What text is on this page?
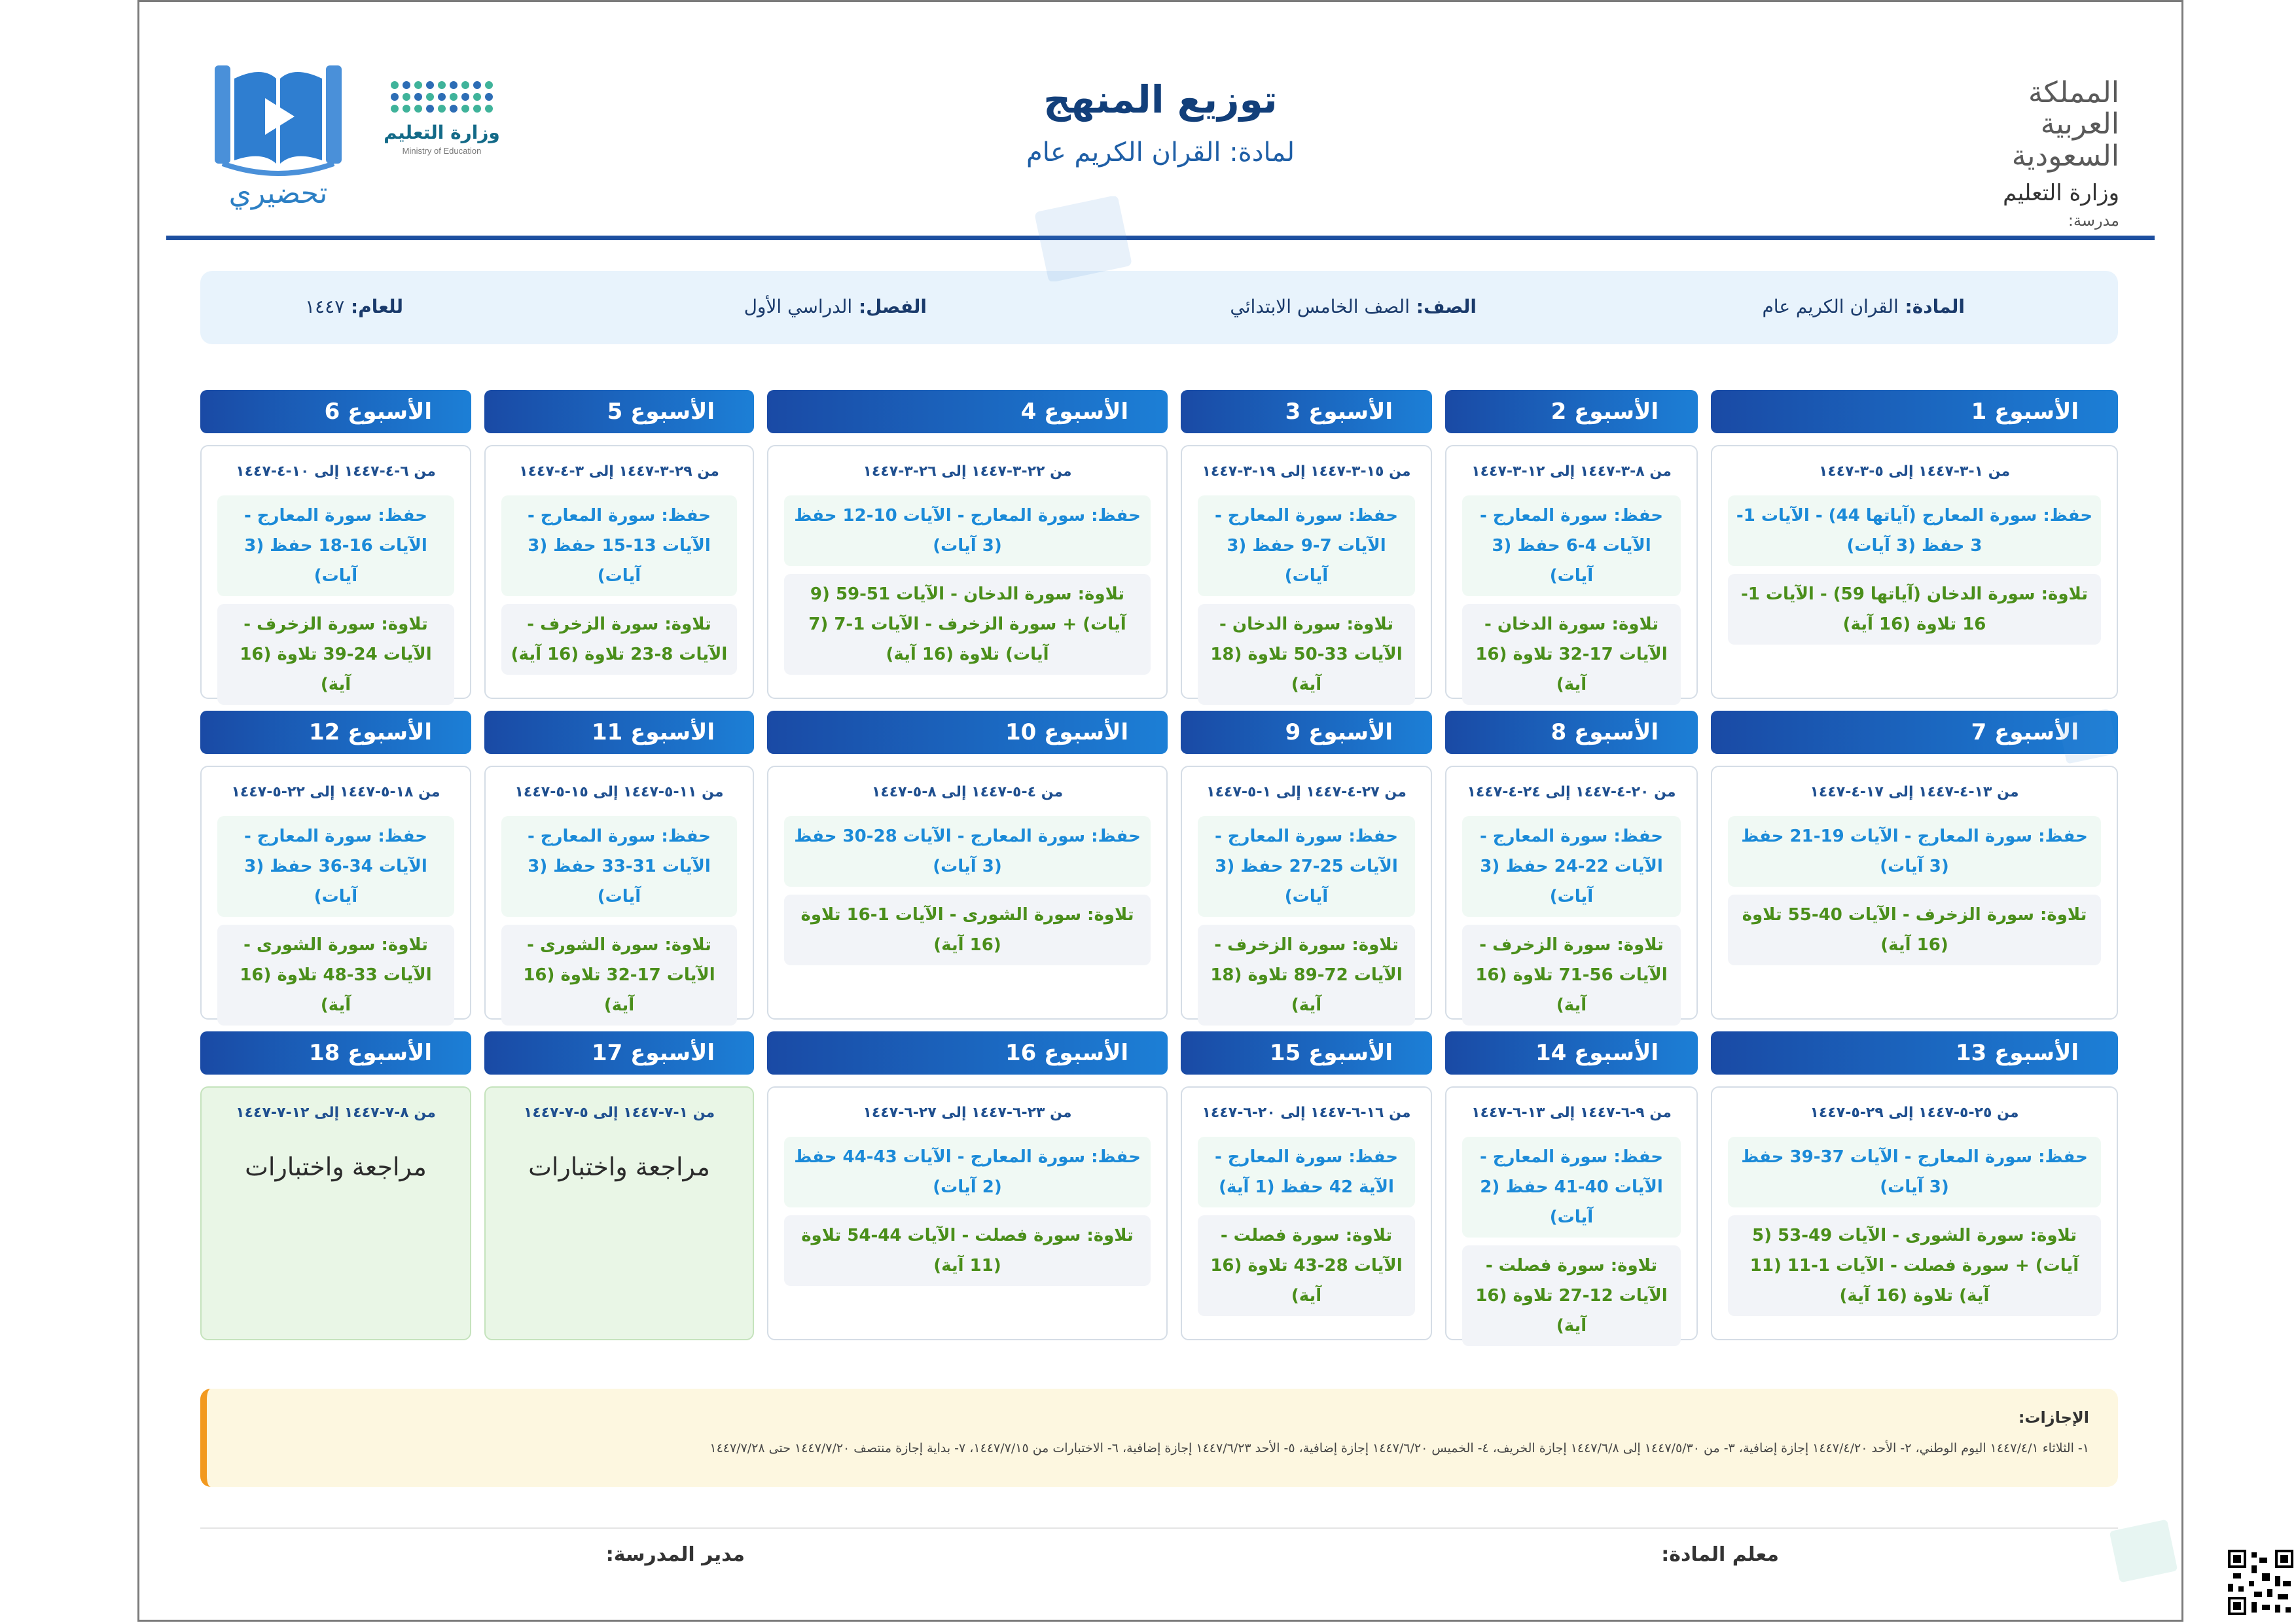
المملكة العربية السعودية
وزارة التعليم
مدرسة:
توزيع المنهج
لمادة: القران الكريم عام
تحضيري
وزارة التعليم
Ministry of Education
المادة: القران الكريم عام
الصف: الصف الخامس الابتدائي
الفصل: الدراسي الأول
للعام: ١٤٤٧
الأسبوع 1
من ١-٣-١٤٤٧ إلى ٥-٣-١٤٤٧
حفظ: سورة المعارج (آياتها 44) - الآيات 1-3 حفظ (3 آيات)
تلاوة: سورة الدخان (آياتها 59) - الآيات 1-16 تلاوة (16 آية)
الأسبوع 2
من ٨-٣-١٤٤٧ إلى ١٢-٣-١٤٤٧
حفظ: سورة المعارج - الآيات 4-6 حفظ (3 آيات)
تلاوة: سورة الدخان - الآيات 17-32 تلاوة (16 آية)
الأسبوع 3
من ١٥-٣-١٤٤٧ إلى ١٩-٣-١٤٤٧
حفظ: سورة المعارج - الآيات 7-9 حفظ (3 آيات)
تلاوة: سورة الدخان - الآيات 33-50 تلاوة (18 آية)
الأسبوع 4
من ٢٢-٣-١٤٤٧ إلى ٢٦-٣-١٤٤٧
حفظ: سورة المعارج - الآيات 10-12 حفظ (3 آيات)
تلاوة: سورة الدخان - الآيات 51-59 (9 آيات) + سورة الزخرف - الآيات 1-7 (7 آيات) تلاوة (16 آية)
الأسبوع 5
من ٢٩-٣-١٤٤٧ إلى ٣-٤-١٤٤٧
حفظ: سورة المعارج - الآيات 13-15 حفظ (3 آيات)
تلاوة: سورة الزخرف - الآيات 8-23 تلاوة (16 آية)
الأسبوع 6
من ٦-٤-١٤٤٧ إلى ١٠-٤-١٤٤٧
حفظ: سورة المعارج - الآيات 16-18 حفظ (3 آيات)
تلاوة: سورة الزخرف - الآيات 24-39 تلاوة (16 آية)
الأسبوع 7
من ١٣-٤-١٤٤٧ إلى ١٧-٤-١٤٤٧
حفظ: سورة المعارج - الآيات 19-21 حفظ (3 آيات)
تلاوة: سورة الزخرف - الآيات 40-55 تلاوة (16 آية)
الأسبوع 8
من ٢٠-٤-١٤٤٧ إلى ٢٤-٤-١٤٤٧
حفظ: سورة المعارج - الآيات 22-24 حفظ (3 آيات)
تلاوة: سورة الزخرف - الآيات 56-71 تلاوة (16 آية)
الأسبوع 9
من ٢٧-٤-١٤٤٧ إلى ١-٥-١٤٤٧
حفظ: سورة المعارج - الآيات 25-27 حفظ (3 آيات)
تلاوة: سورة الزخرف - الآيات 72-89 تلاوة (18 آية)
الأسبوع 10
من ٤-٥-١٤٤٧ إلى ٨-٥-١٤٤٧
حفظ: سورة المعارج - الآيات 28-30 حفظ (3 آيات)
تلاوة: سورة الشورى - الآيات 1-16 تلاوة (16 آية)
الأسبوع 11
من ١١-٥-١٤٤٧ إلى ١٥-٥-١٤٤٧
حفظ: سورة المعارج - الآيات 31-33 حفظ (3 آيات)
تلاوة: سورة الشورى - الآيات 17-32 تلاوة (16 آية)
الأسبوع 12
من ١٨-٥-١٤٤٧ إلى ٢٢-٥-١٤٤٧
حفظ: سورة المعارج - الآيات 34-36 حفظ (3 آيات)
تلاوة: سورة الشورى - الآيات 33-48 تلاوة (16 آية)
الأسبوع 13
من ٢٥-٥-١٤٤٧ إلى ٢٩-٥-١٤٤٧
حفظ: سورة المعارج - الآيات 37-39 حفظ (3 آيات)
تلاوة: سورة الشورى - الآيات 49-53 (5 آيات) + سورة فصلت - الآيات 1-11 (11 آية) تلاوة (16 آية)
الأسبوع 14
من ٩-٦-١٤٤٧ إلى ١٣-٦-١٤٤٧
حفظ: سورة المعارج - الآيات 40-41 حفظ (2 آيات)
تلاوة: سورة فصلت - الآيات 12-27 تلاوة (16 آية)
الأسبوع 15
من ١٦-٦-١٤٤٧ إلى ٢٠-٦-١٤٤٧
حفظ: سورة المعارج - الآية 42 حفظ (1 آية)
تلاوة: سورة فصلت - الآيات 28-43 تلاوة (16 آية)
الأسبوع 16
من ٢٣-٦-١٤٤٧ إلى ٢٧-٦-١٤٤٧
حفظ: سورة المعارج - الآيات 43-44 حفظ (2 آيات)
تلاوة: سورة فصلت - الآيات 44-54 تلاوة (11 آية)
الأسبوع 17
من ١-٧-١٤٤٧ إلى ٥-٧-١٤٤٧
مراجعة واختبارات
الأسبوع 18
من ٨-٧-١٤٤٧ إلى ١٢-٧-١٤٤٧
مراجعة واختبارات
الإجازات:
١- الثلاثاء ١٤٤٧/٤/١ اليوم الوطني، ٢- الأحد ١٤٤٧/٤/٢٠ إجازة إضافية، ٣- من ١٤٤٧/٥/٣٠ إلى ١٤٤٧/٦/٨ إجازة الخريف، ٤- الخميس ١٤٤٧/٦/٢٠ إجازة إضافية، ٥- الأحد ١٤٤٧/٦/٢٣ إجازة إضافية، ٦- الاختبارات من ١٤٤٧/٧/١٥، ٧- بداية إجازة منتصف ١٤٤٧/٧/٢٠ حتى ١٤٤٧/٧/٢٨
معلم المادة:
مدير المدرسة:
